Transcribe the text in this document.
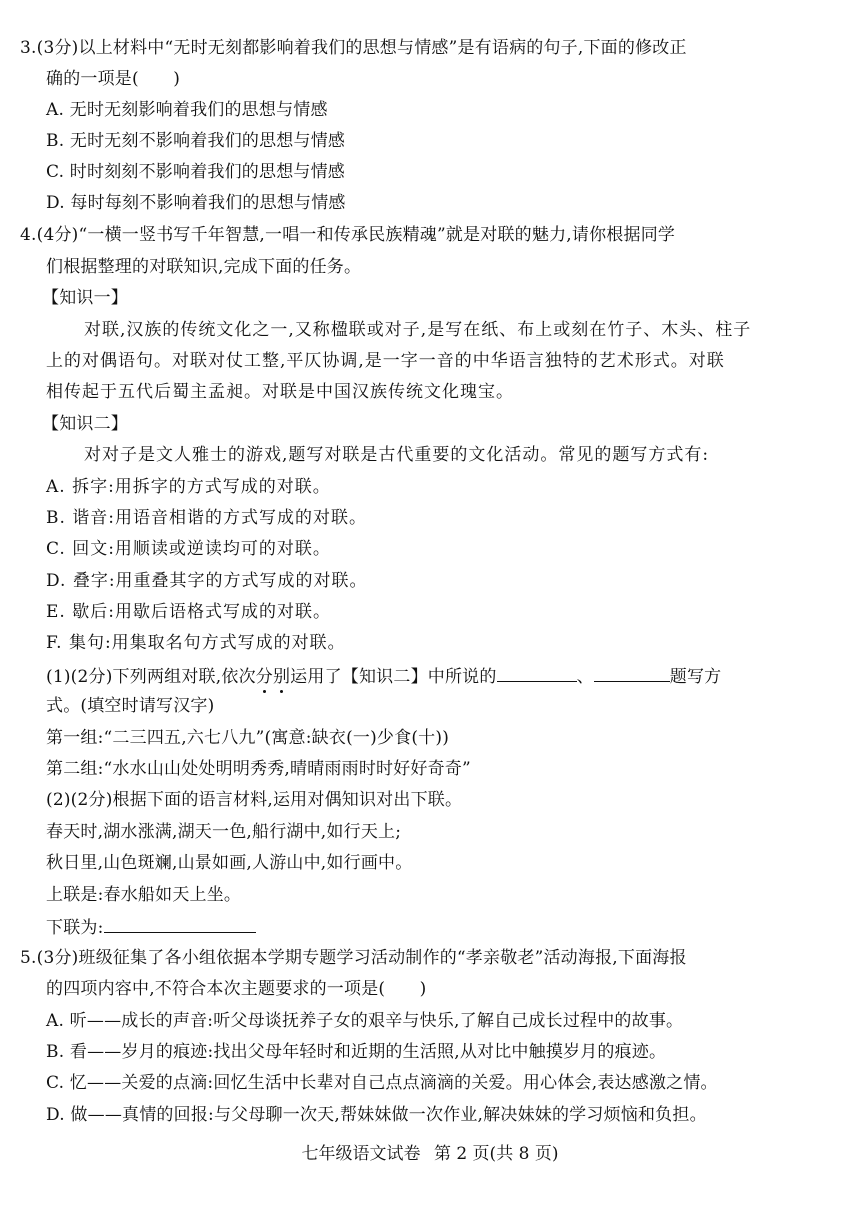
3.(3分)以上材料中“无时无刻都影响着我们的思想与情感”是有语病的句子,下面的修改正
确的一项是(　　)
A. 无时无刻影响着我们的思想与情感
B. 无时无刻不影响着我们的思想与情感
C. 时时刻刻不影响着我们的思想与情感
D. 每时每刻不影响着我们的思想与情感
4.(4分)“一横一竖书写千年智慧,一唱一和传承民族精魂”就是对联的魅力,请你根据同学
们根据整理的对联知识,完成下面的任务。
【知识一】
对联,汉族的传统文化之一,又称楹联或对子,是写在纸、布上或刻在竹子、木头、柱子
上的对偶语句。对联对仗工整,平仄协调,是一字一音的中华语言独特的艺术形式。对联
相传起于五代后蜀主孟昶。对联是中国汉族传统文化瑰宝。
【知识二】
对对子是文人雅士的游戏,题写对联是古代重要的文化活动。常见的题写方式有:
A. 拆字:用拆字的方式写成的对联。
B. 谐音:用语音相谐的方式写成的对联。
C. 回文:用顺读或逆读均可的对联。
D. 叠字:用重叠其字的方式写成的对联。
E. 歇后:用歇后语格式写成的对联。
F. 集句:用集取名句方式写成的对联。
(1)(2分)下列两组对联,依次分别运用了【知识二】中所说的	、	题写方
式。(填空时请写汉字)
第一组:“二三四五,六七八九”(寓意:缺衣(一)少食(十))
第二组:“水水山山处处明明秀秀,晴晴雨雨时时好好奇奇”
(2)(2分)根据下面的语言材料,运用对偶知识对出下联。
春天时,湖水涨满,湖天一色,船行湖中,如行天上;
秋日里,山色斑斓,山景如画,人游山中,如行画中。
上联是:春水船如天上坐。
下联为:
5.(3分)班级征集了各小组依据本学期专题学习活动制作的“孝亲敬老”活动海报,下面海报
的四项内容中,不符合本次主题要求的一项是(　　)
A. 听——成长的声音:听父母谈抚养子女的艰辛与快乐,了解自己成长过程中的故事。
B. 看——岁月的痕迹:找出父母年轻时和近期的生活照,从对比中触摸岁月的痕迹。
C. 忆——关爱的点滴:回忆生活中长辈对自己点点滴滴的关爱。用心体会,表达感激之情。
D. 做——真情的回报:与父母聊一次天,帮妹妹做一次作业,解决妹妹的学习烦恼和负担。
七年级语文试卷 第 2 页(共 8 页)
